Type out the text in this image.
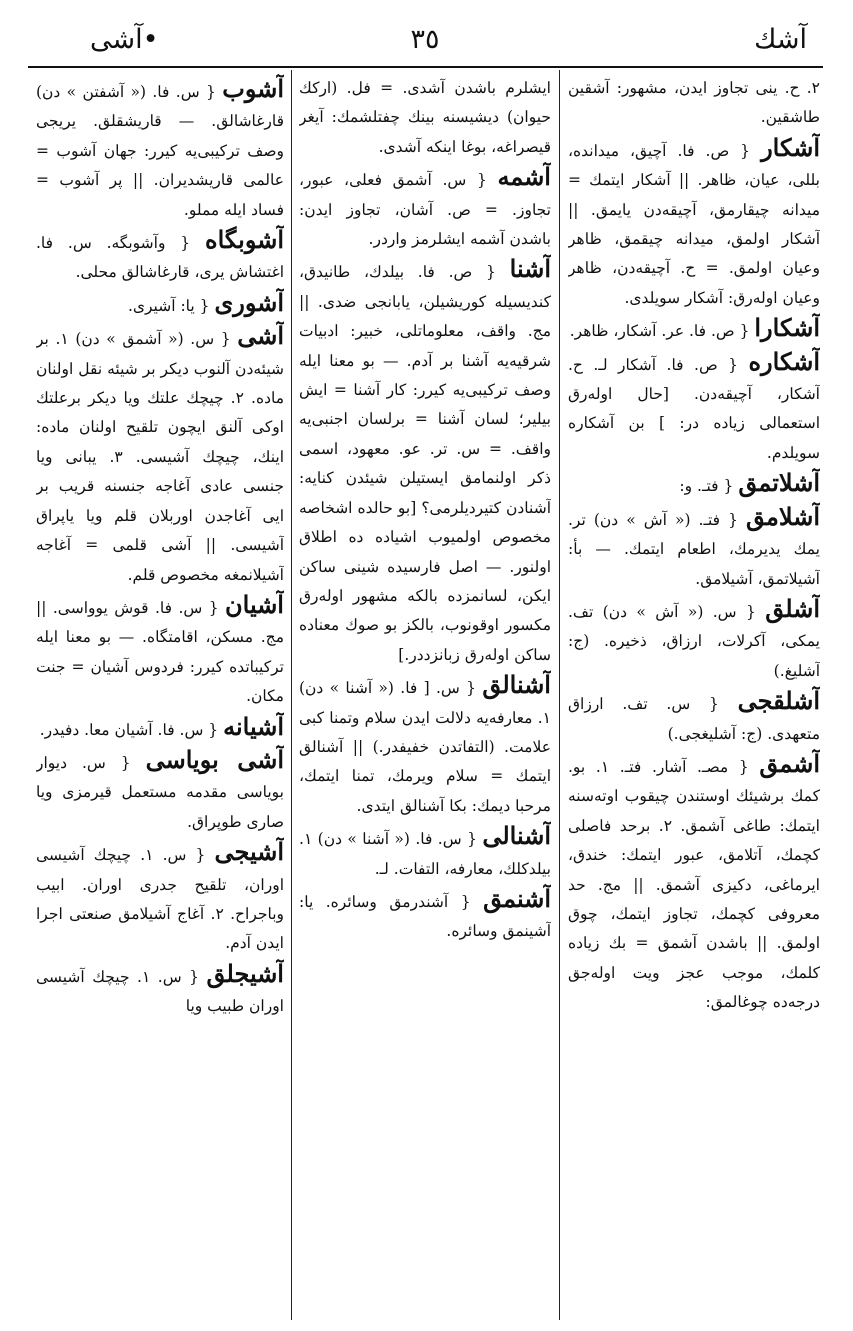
آشك
٣٥
آشى•

۲. ح. ينى تجاوز ايدن، مشهور: آشقين طاشقين.

آشكار { ص. فا. آچيق، ميدانده، بللى، عيان، ظاهر. || آشكار ايتمك = ميدانه چيقارمق، آچيقه‌دن يايمق. || آشكار اولمق، ميدانه چيقمق، ظاهر وعيان اولمق. = ح. آچيقه‌دن، ظاهر وعيان اوله‌رق: آشكار سويلدى.

آشكارا { ص. فا. عر. آشكار، ظاهر.

آشكاره { ص. فا. آشكار لـ. ح. آشكار، آچيقه‌دن. [حال اوله‌رق استعمالى زياده در: ] بن آشكاره سويلدم.

آشلاتمق { فتـ. و:

آشلامق { فتـ. (« آش » دن) تر. يمك يديرمك، اطعام ايتمك. — بأ: آشيلاتمق، آشيلامق.

آشلق { س. (« آش » دن) تف. يمكى، آكرلات، ارزاق، ذخيره. (ج: آشليغ.)

آشلقجى { س. تف. ارزاق متعهدى. (ج: آشليغجى.)

آشمق { مصـ. آشار. فتـ. ۱. بو. كمك برشيئك اوستندن چيقوب اوته‌سنه ايتمك: طاغى آشمق. ۲. برحد فاصلى كچمك، آتلامق، عبور ايتمك: خندق، ايرماغى، دكيزى آشمق. || مج. حد معروفى كچمك، تجاوز ايتمك، چوق اولمق. || باشدن آشمق = بك زياده كلمك، موجب عجز ويت اوله‌جق درجه‌ده چوغالمق:

ايشلرم باشدن آشدى. = فل. (اركك حيوان) ديشيسنه بينك چفتلشمك: آيغر قيصراغه، بوغا اينكه آشدى.

آشمه { س. آشمق فعلى، عبور، تجاوز. = ص. آشان، تجاوز ايدن: باشدن آشمه ايشلرمز واردر.

آشنا { ص. فا. بيلدك، طانيدق، كنديسيله كوريشيلن، يابانجى ضدى. || مج. واقف، معلوماتلى، خبير: ادبيات شرقيه‌يه آشنا بر آدم. — بو معنا ايله وصف تركيبى‌يه كيرر: كار آشنا = ايش بيلير؛ لسان آشنا = برلسان اجنبى‌يه واقف. = س. تر. عو. معهود، اسمى ذكر اولنمامق ايستيلن شيئدن كنايه: آشنادن كتيرديلرمى؟ [بو حالده اشخاصه مخصوص اولميوب اشياده ده اطلاق اولنور. — اصل فارسيده شينى ساكن ايكن، لسانمزده بالكه مشهور اوله‌رق مكسور اوقونوب، بالكز بو صوك معناده ساكن اوله‌رق زبانزددر.]

آشنالق { س. [ فا. (« آشنا » دن) ۱. معارفه‌يه دلالت ايدن سلام وتمنا كبى علامت. (التفاتدن خفيفدر.) || آشنالق ايتمك = سلام ويرمك، تمنا ايتمك، مرحبا ديمك: بكا آشنالق ايتدى.

آشنالى { س. فا. (« آشنا » دن) ۱. بيلدكلك، معارفه، التفات. لـ.

آشنمق { آشندرمق وسائره. يا: آشينمق وسائره.

آشوب { س. فا. (« آشفتن » دن) قارغاشالق. — قاريشقلق. يريجى وصف تركيبى‌يه كيرر: جهان آشوب = عالمى قاريشديران. || پر آشوب = فساد ايله مملو.

آشوبگاه { وآشوبگه. س. فا. اغتشاش يرى، قارغاشالق محلى.

آشورى { يا: آشيرى.

آشى { س. (« آشمق » دن) ۱. بر شيئه‌دن آلنوب ديكر بر شيئه نقل اولنان ماده. ۲. چيچك علتك ويا ديكر برعلتك اوكى آلنق ايچون تلقيح اولنان ماده: اينك، چيچك آشيسى. ۳. يبانى ويا جنسى عادى آغاجه جنسنه قريب بر ايى آغاجدن اوربلان قلم ويا ياپراق آشيسى. || آشى قلمى = آغاجه آشيلانمغه مخصوص قلم.

آشيان { س. فا. قوش يوواسى. || مج. مسكن، اقامتگاه. — بو معنا ايله تركيباتده كيرر: فردوس آشيان = جنت مكان.

آشيانه { س. فا. آشيان معا. دفيدر.

آشى بوياسى { س. ديوار بوياسى مقدمه مستعمل قيرمزى ويا صارى طوپراق.

آشيجى { س. ۱. چيچك آشيسى اوران، تلقيح جدرى اوران. ابيب وباجراح. ۲. آغاج آشيلامق صنعتى اجرا ايدن آدم.

آشيجلق { س. ۱. چيچك آشيسى اوران طبيب ويا
